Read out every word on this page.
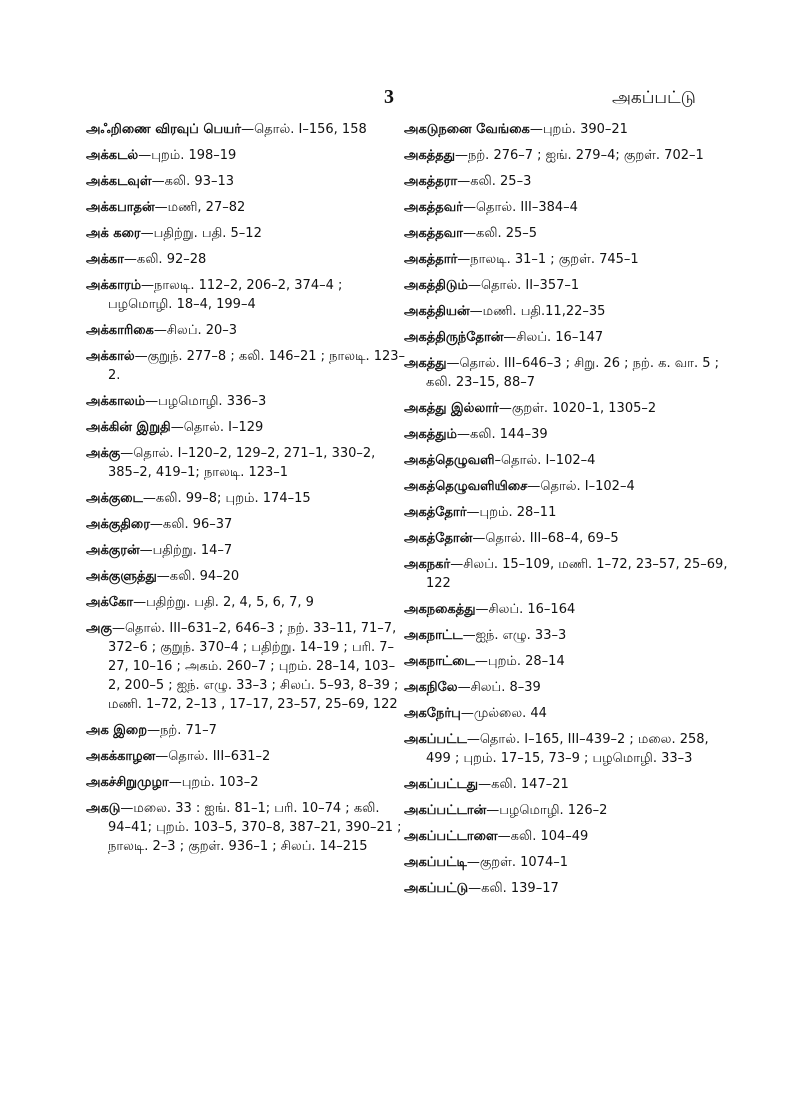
3	அகப்பட்டு

அஃறிணை விரவுப் பெயர்—தொல். I–156, 158

அக்கடல்—புறம். 198–19

அக்கடவுள்—கலி. 93–13

அக்கபாதன்—மணி, 27–82

அக் கரை—பதிற்று. பதி. 5–12

அக்கா—கலி. 92–28

அக்காரம்—நாலடி. 112–2, 206–2, 374–4 ; பழமொழி. 18–4, 199–4

அக்காரிகை—சிலப். 20–3

அக்கால்—குறுந். 277–8 ; கலி. 146–21 ; நாலடி. 123–2.

அக்காலம்—பழமொழி. 336–3

அக்கின் இறுதி—தொல். I–129

அக்கு—தொல். I–120–2, 129–2, 271–1, 330–2, 385–2, 419–1; நாலடி. 123–1

அக்குடை—கலி. 99–8; புறம். 174–15

அக்குதிரை—கலி. 96–37

அக்குரன்—பதிற்று. 14–7

அக்குளுத்து—கலி. 94–20

அக்கோ—பதிற்று. பதி. 2, 4, 5, 6, 7, 9

அகு—தொல். III–631–2, 646–3 ; நற். 33–11, 71–7, 372–6 ; குறுந். 370–4 ; பதிற்று. 14–19 ; பரி. 7–27, 10–16 ; அகம். 260–7 ; புறம். 28–14, 103–2, 200–5 ; ஐந். எழு. 33–3 ; சிலப். 5–93, 8–39 ; மணி. 1–72, 2–13 , 17–17, 23–57, 25–69, 122

அக இறை—நற். 71–7

அகக்காழன—தொல். III–631–2

அகச்சிறுமுழா—புறம். 103–2

அகடு—மலை. 33 : ஐங். 81–1; பரி. 10–74 ; கலி. 94–41; புறம். 103–5, 370–8, 387–21, 390–21 ; நாலடி. 2–3 ; குறள். 936–1 ; சிலப். 14–215

அகடுநனை வேங்கை—புறம். 390–21

அகத்தது—நற். 276–7 ; ஐங். 279–4; குறள். 702–1

அகத்தரா—கலி. 25–3

அகத்தவர்—தொல். III–384–4

அகத்தவா—கலி. 25–5

அகத்தார்—நாலடி. 31–1 ; குறள். 745–1

அகத்திடும்—தொல். II–357–1

அகத்தியன்—மணி. பதி.11,22–35

அகத்திருந்தோன்—சிலப். 16–147

அகத்து—தொல். III–646–3 ; சிறு. 26 ; நற். க. வா. 5 ; கலி. 23–15, 88–7

அகத்து இல்லார்—குறள். 1020–1, 1305–2

அகத்தும்—கலி. 144–39

அகத்தெழுவளி–தொல். I–102–4

அகத்தெழுவளியிசை—தொல். I–102–4

அகத்தோர்—புறம். 28–11

அகத்தோன்—தொல். III–68–4, 69–5

அகநகர்—சிலப். 15–109, மணி. 1–72, 23–57, 25–69, 122

அகநகைத்து—சிலப். 16–164

அகநாட்ட—ஐந். எழு. 33–3

அகநாட்டை—புறம். 28–14

அகநிலே—சிலப். 8–39

அகநேர்பு—முல்லை. 44

அகப்பட்ட—தொல். I–165, III–439–2 ; மலை. 258, 499 ; புறம். 17–15, 73–9 ; பழமொழி. 33–3

அகப்பட்டது—கலி. 147–21

அகப்பட்டான்—பழமொழி. 126–2

அகப்பட்டாளை—கலி. 104–49

அகப்பட்டி—குறள். 1074–1

அகப்பட்டு—கலி. 139–17
